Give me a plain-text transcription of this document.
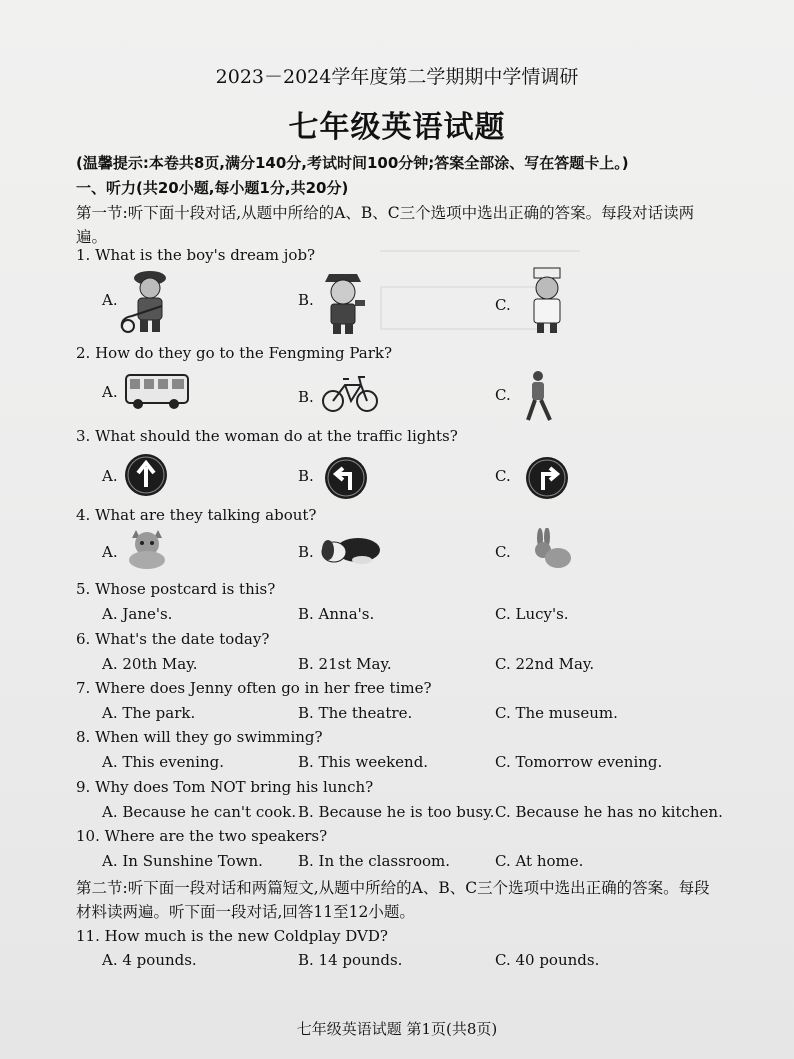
2023－2024学年度第二学期期中学情调研
七年级英语试题
(温馨提示:本卷共8页,满分140分,考试时间100分钟;答案全部涂、写在答题卡上。)
一、听力(共20小题,每小题1分,共20分)
第一节:听下面十段对话,从题中所给的A、B、C三个选项中选出正确的答案。每段对话读两遍。
1. What is the boy's dream job?
A.	B.	C.
2. How do they go to the Fengming Park?
A.	B.	C.
3. What should the woman do at the traffic lights?
A.	B.	C.
4. What are they talking about?
A.	B.	C.
5. Whose postcard is this?
A. Jane's.	B. Anna's.	C. Lucy's.
6. What's the date today?
A. 20th May.	B. 21st May.	C. 22nd May.
7. Where does Jenny often go in her free time?
A. The park.	B. The theatre.	C. The museum.
8. When will they go swimming?
A. This evening.	B. This weekend.	C. Tomorrow evening.
9. Why does Tom NOT bring his lunch?
A. Because he can't cook. B. Because he is too busy. C. Because he has no kitchen.
10. Where are the two speakers?
A. In Sunshine Town. B. In the classroom.	C. At home.
第二节:听下面一段对话和两篇短文,从题中所给的A、B、C三个选项中选出正确的答案。每段材料读两遍。听下面一段对话,回答11至12小题。
11. How much is the new Coldplay DVD?
A. 4 pounds.	B. 14 pounds.	C. 40 pounds.
七年级英语试题 第1页(共8页)
